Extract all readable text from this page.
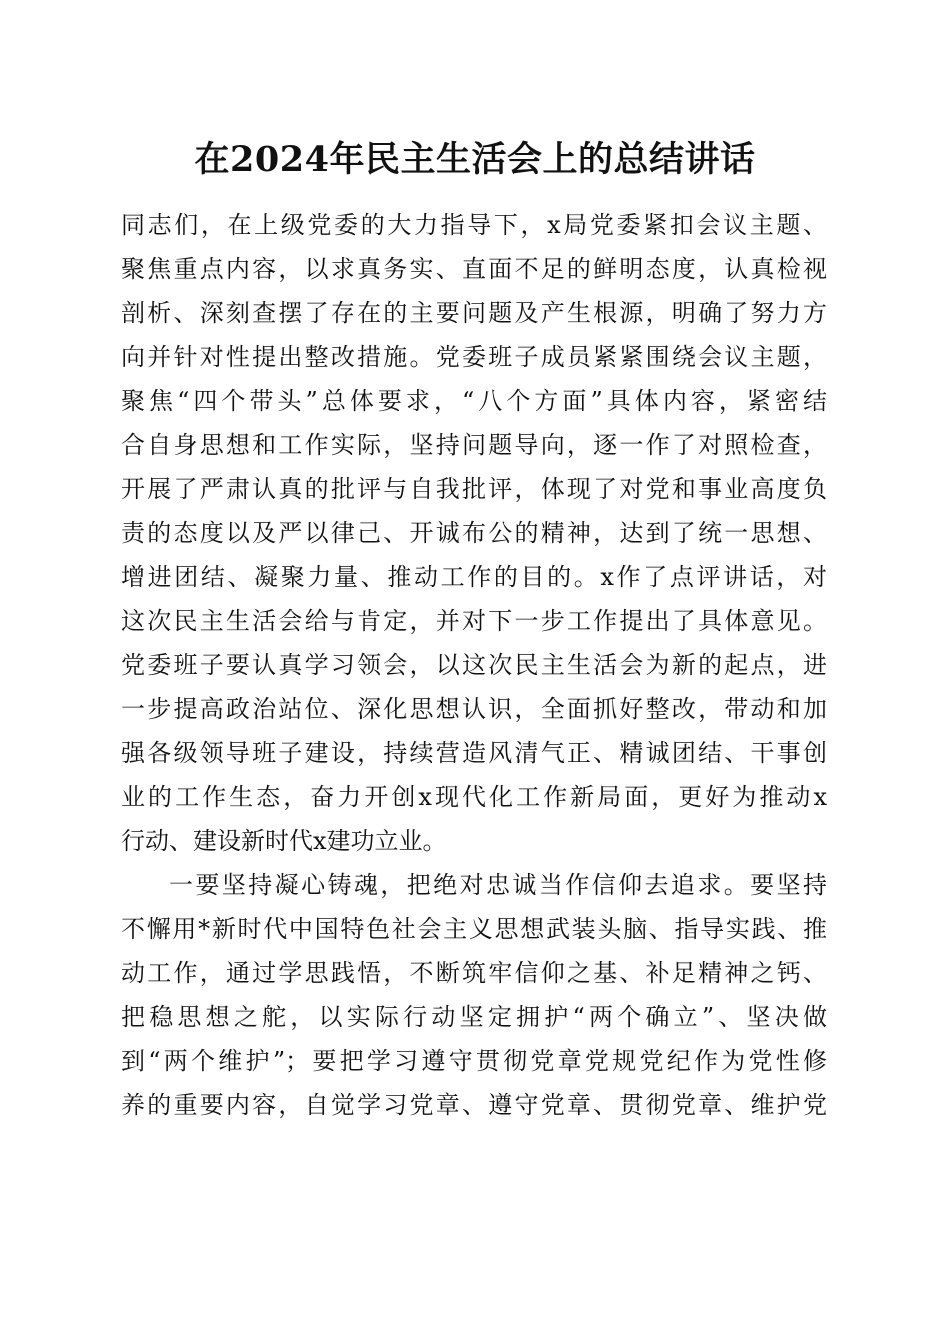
在2024年民主生活会上的总结讲话
同志们，在上级党委的大力指导下，x局党委紧扣会议主题、
聚焦重点内容，以求真务实、直面不足的鲜明态度，认真检视
剖析、深刻查摆了存在的主要问题及产生根源，明确了努力方
向并针对性提出整改措施。党委班子成员紧紧围绕会议主题，
聚焦“四个带头”总体要求，“八个方面”具体内容，紧密结
合自身思想和工作实际，坚持问题导向，逐一作了对照检查，
开展了严肃认真的批评与自我批评，体现了对党和事业高度负
责的态度以及严以律己、开诚布公的精神，达到了统一思想、
增进团结、凝聚力量、推动工作的目的。x作了点评讲话，对
这次民主生活会给与肯定，并对下一步工作提出了具体意见。
党委班子要认真学习领会，以这次民主生活会为新的起点，进
一步提高政治站位、深化思想认识，全面抓好整改，带动和加
强各级领导班子建设，持续营造风清气正、精诚团结、干事创
业的工作生态，奋力开创x现代化工作新局面，更好为推动x
行动、建设新时代x建功立业。
一要坚持凝心铸魂，把绝对忠诚当作信仰去追求。要坚持
不懈用*新时代中国特色社会主义思想武装头脑、指导实践、推
动工作，通过学思践悟，不断筑牢信仰之基、补足精神之钙、
把稳思想之舵，以实际行动坚定拥护“两个确立”、坚决做
到“两个维护”；要把学习遵守贯彻党章党规党纪作为党性修
养的重要内容，自觉学习党章、遵守党章、贯彻党章、维护党
